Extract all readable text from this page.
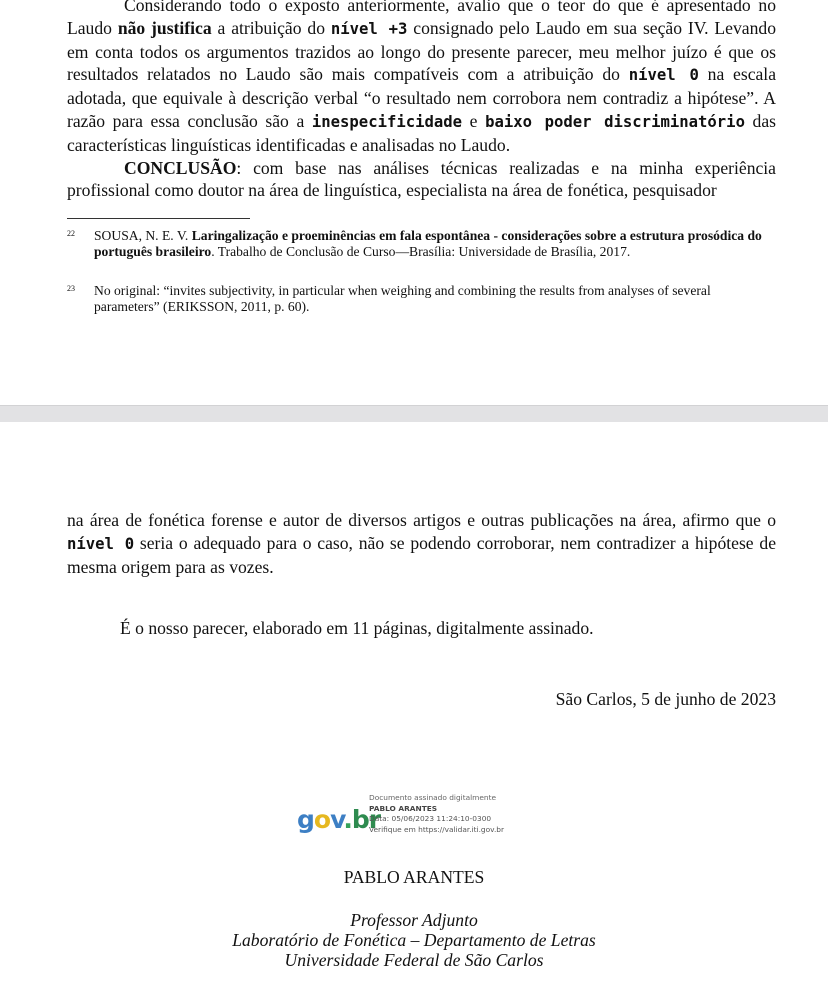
Considerando todo o exposto anteriormente, avalio que o teor do que é apresentado no Laudo não justifica a atribuição do nível +3 consignado pelo Laudo em sua seção IV. Levando em conta todos os argumentos trazidos ao longo do presente parecer, meu melhor juízo é que os resultados relatados no Laudo são mais compatíveis com a atribuição do nível 0 na escala adotada, que equivale à descrição verbal “o resultado nem corrobora nem contradiz a hipótese”. A razão para essa conclusão são a inespecificidade e baixo poder discriminatório das características linguísticas identificadas e analisadas no Laudo.

CONCLUSÃO: com base nas análises técnicas realizadas e na minha experiência profissional como doutor na área de linguística, especialista na área de fonética, pesquisador

22 SOUSA, N. E. V. Laringalização e proeminências em fala espontânea - considerações sobre a estrutura prosódica do português brasileiro. Trabalho de Conclusão de Curso—Brasília: Universidade de Brasília, 2017.
23 No original: “invites subjectivity, in particular when weighing and combining the results from analyses of several parameters” (ERIKSSON, 2011, p. 60).

na área de fonética forense e autor de diversos artigos e outras publicações na área, afirmo que o nível 0 seria o adequado para o caso, não se podendo corroborar, nem contradizer a hipótese de mesma origem para as vozes.

É o nosso parecer, elaborado em 11 páginas, digitalmente assinado.
São Carlos, 5 de junho de 2023
gov.br
Documento assinado digitalmente
PABLO ARANTES
Data: 05/06/2023 11:24:10-0300
Verifique em https://validar.iti.gov.br
PABLO ARANTES
Professor Adjunto
Laboratório de Fonética – Departamento de Letras
Universidade Federal de São Carlos
